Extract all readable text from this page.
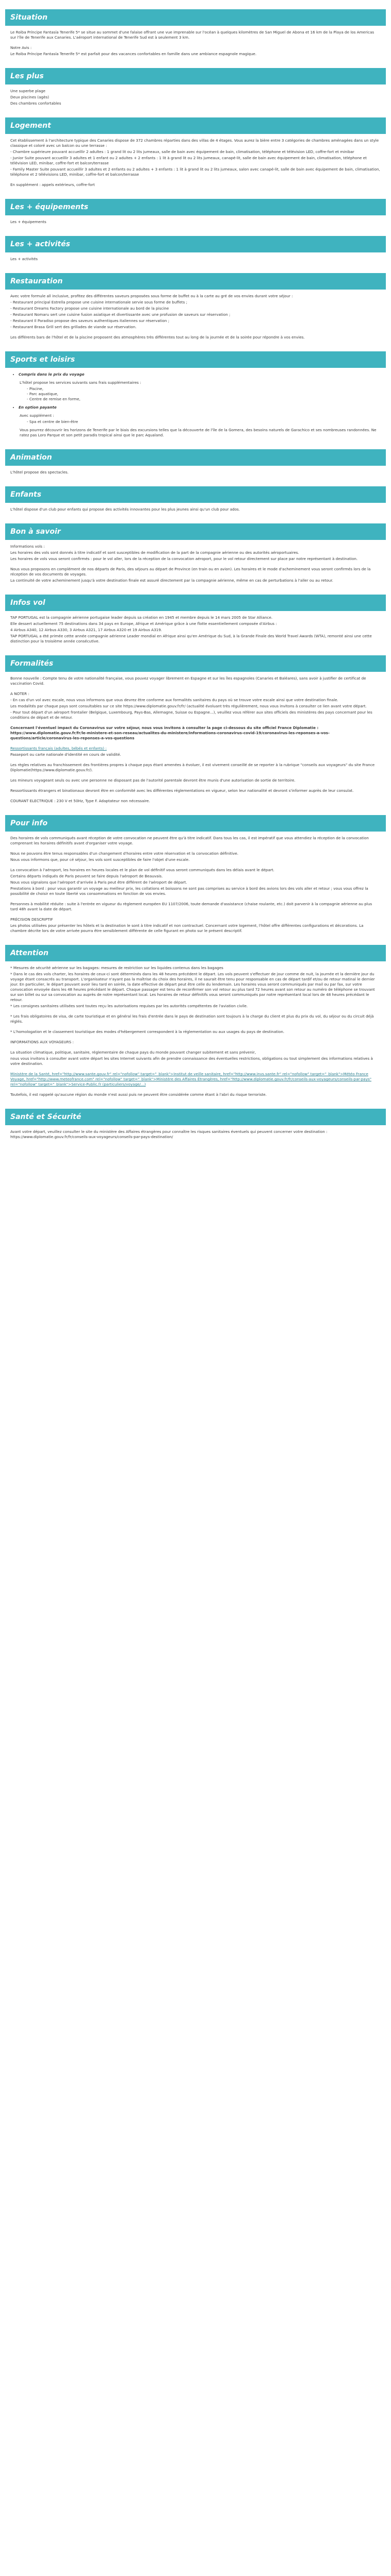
Situation

Le Roiba Príncipe Fantasía Tenerife 5* se situe au sommet d'une falaise offrant une vue imprenable sur l'océan à quelques kilomètres de San Miguel de Abona et 16 km de la Playa de los Americas sur l'île de Tenerife aux Canaries. L'aéroport international de Tenerife Sud est à seulement 3 km.

Notre Avis :

Le Roiba Príncipe Fantasía Tenerife 5* est parfait pour des vacances confortables en famille dans une ambiance espagnole magique.

Les plus

Une superbe plage

Deux piscines (agès)

Des chambres confortables

Logement

Cet établissement à l'architecture typique des Canaries dispose de 372 chambres réparties dans des villas de 4 étages. Vous aurez la bière entre 3 catégories de chambres aménagées dans un style classique et coloré avec un balcon ou une terrasse :

- Chambre supérieure pouvant accueillir 2 adultes : 1 grand lit ou 2 lits jumeaux, salle de bain avec équipement de bain, climatisation, téléphone et télévision LED, coffre-fort et minibar

- Junior Suite pouvant accueillir 3 adultes et 1 enfant ou 2 adultes + 2 enfants : 1 lit à grand lit ou 2 lits jumeaux, canapé-lit, salle de bain avec équipement de bain, climatisation, téléphone et télévision LED, minibar, coffre-fort et balcon/terrasse

- Family Master Suite pouvant accueillir 3 adultes et 2 enfants ou 2 adultes + 3 enfants : 1 lit à grand lit ou 2 lits jumeaux, salon avec canapé-lit, salle de bain avec équipement de bain, climatisation, téléphone et 2 télévisions LED, minibar, coffre-fort et balcon/terrasse

En supplément : appels extérieurs, coffre-fort

Les + équipements

Les + équipements

Les + activités

Les + activités

Restauration

Avec votre formule all inclusive, profitez des différentes saveurs proposées sous forme de buffet ou à la carte au gré de vos envies durant votre séjour :

- Restaurant principal Estrella propose une cuisine internationale servie sous forme de buffets ;

- Restaurant Dreams Factory propose une cuisine internationale au bord de la piscine

- Restaurant Nomaru sert une cuisine fusion asiatique et divertissante avec une profusion de saveurs sur réservation ;

- Restaurant Il Paradiso propose des saveurs authentiques italiennes sur réservation ;

- Restaurant Brasa Grill sert des grillades de viande sur réservation.

Les différents bars de l'hôtel et de la piscine proposent des atmosphères très différentes tout au long de la journée et de la soirée pour répondre à vos envies.

Sports et loisirs
• Compris dans le prix du voyage

L'hôtel propose les services suivants sans frais supplémentaires :

- Piscine,
- Parc aquatique,
- Centre de remise en forme,
• En option payante

Avec supplément :

- Spa et centre de bien-être

Vous pourrez découvrir les horizons de Tenerife par le biais des excursions telles que la découverte de l'île de la Gomera, des besoins naturels de Garachico et ses nombreuses randonnées. Ne ratez pas Loro Parque et son petit paradis tropical ainsi que le parc Aqualand.

Animation

L'hôtel propose des spectacles.

Enfants

L'hôtel dispose d'un club pour enfants qui propose des activités innovantes pour les plus jeunes ainsi qu'un club pour ados.

Bon à savoir

Informations vols :

Les horaires des vols sont donnés à titre indicatif et sont susceptibles de modification de la part de la compagnie aérienne ou des autorités aéroportuaires.

Les horaires de vols vous seront confirmés : pour le vol aller, lors de la réception de la convocation aéroport, pour le vol retour directement sur place par notre représentant à destination.

Nous vous proposons en complément de nos départs de Paris, des séjours au départ de Province (en train ou en avion). Les horaires et le mode d'acheminement vous seront confirmés lors de la réception de vos documents de voyages.

La continuité de votre acheminement jusqu'à votre destination finale est assuré directement par la compagnie aérienne, même en cas de perturbations à l'aller ou au retour.

Infos vol

TAP PORTUGAL est la compagnie aérienne portugaise leader depuis sa création en 1945 et membre depuis le 14 mars 2005 de Star Alliance.

Elle dessert actuellement 75 destinations dans 34 pays en Europe, Afrique et Amérique grâce à une flotte essentiellement composée d'Airbus :

4 Airbus A340, 12 Airbus A330, 3 Airbus A321, 17 Airbus A320 et 19 Airbus A319.

TAP PORTUGAL a été primée cette année compagnie aérienne Leader mondial en Afrique ainsi qu'en Amérique du Sud, à la Grande Finale des World Travel Awards (WTA), remonté ainsi une cette distinction pour la troisième année consécutive.

Formalités

Bonne nouvelle : Compte tenu de votre nationalité française, vous pouvez voyager librement en Espagne et sur les îles espagnoles (Canaries et Baléares), sans avoir à justifier de certificat de vaccination Covid.

A NOTER :

- En cas d'un vol avec escale, nous vous informons que vous devrez être conforme aux formalités sanitaires du pays où se trouve votre escale ainsi que votre destination finale.

Les modalités par chaque pays sont consultables sur ce site https://www.diplomatie.gouv.fr/fr/ (actualité évoluant très régulièrement, nous vous invitons à consulter ce lien avant votre départ.

- Pour tout départ d'un aéroport frontalier (Belgique, Luxembourg, Pays-Bas, Allemagne, Suisse ou Espagne...), veuillez vous référer aux sites officiels des ministères des pays concernant pour les conditions de départ et de retour.

Concernant l'éventuel impact du Coronavirus sur votre séjour, nous vous invitons à consulter la page ci-dessous du site officiel France Diplomatie : https://www.diplomatie.gouv.fr/fr/le-ministere-et-son-reseau/actualites-du-ministere/informations-coronavirus-covid-19/coronavirus-les-reponses-a-vos-questions/article/coronavirus-les-reponses-a-vos-questions

Ressortissants français (adultes, bébés et enfants) :

Passeport ou carte nationale d'identité en cours de validité.

Les règles relatives au franchissement des frontières propres à chaque pays étant amenées à évoluer, il est vivement conseillé de se reporter à la rubrique "conseils aux voyageurs" du site France Diplomatie(https://www.diplomatie.gouv.fr/).

Les mineurs voyageant seuls ou avec une personne ne disposant pas de l'autorité parentale devront être munis d'une autorisation de sortie de territoire.

Ressortissants étrangers et binationaux devront être en conformité avec les différentes réglementations en vigueur, selon leur nationalité et devront s'informer auprès de leur consulat.

COURANT ELECTRIQUE : 230 V et 50Hz, Type F. Adaptateur non nécessaire.

Pour info

Des horaires de vols communiqués avant réception de votre convocation ne peuvent être qu'à titre indicatif. Dans tous les cas, il est impératif que vous attendiez la réception de la convocation comprenant les horaires définitifs avant d'organiser votre voyage.

Nous ne pouvons être tenus responsables d'un changement d'horaires entre votre réservation et la convocation définitive.

Nous vous informons que, pour cé séjour, les vols sont susceptibles de faire l'objet d'une escale.

La convocation à l'aéroport, les horaires en heures locales et le plan de vol définitif vous seront communiqués dans les délais avant le départ.

Certains départs indiqués de Paris peuvent se faire depuis l'aéroport de Beauvais.

Nous vous signalons que l'aéroport d'arrivée à Paris peut être différent de l'aéroport de départ.

Prestations à bord : pour vous garantir un voyage au meilleur prix, les collations et boissons ne sont pas comprises au service à bord des avions lors des vols aller et retour ; vous vous offrez la possibilité de choisir en toute liberté vos consommations en fonction de vos envies.

Personnes à mobilité réduite : suite à l'entrée en vigueur du règlement européen EU 1107/2006, toute demande d'assistance (chaise roulante, etc.) doit parvenir à la compagnie aérienne au plus tard 48h avant la date de départ.

PRÉCISION DESCRIPTIF

Les photos utilisées pour présenter les hôtels et la destination le sont à titre indicatif et non contractuel. Concernant votre logement, l'hôtel offre différentes configurations et décorations. La chambre décrite lors de votre arrivée pourra être sensiblement différente de celle figurant en photo sur le présent descriptif.

Attention

* Mesures de sécurité aérienne sur les bagages: mesures de restriction sur les liquides contenus dans les bagages

* Dans le cas des vols charter, les horaires de ceux-ci sont déterminés dans les 48 heures précédent le départ. Les vols peuvent s'effectuer de jour comme de nuit, la journée et la dernière jour du voyage étant consacrés au transport. L'organisateur n'ayant pas la maîtrise du choix des horaires, il ne saurait être tenu pour responsable en cas de départ tardif et/ou de retour matinal le dernier jour. En particulier, le départ pouvant avoir lieu tard en soirée, la date effective de départ peut être celle du lendemain. Les horaires vous seront communiqués par mail ou par fax, sur votre convocation envoyée dans les 48 heures précédant le départ. Chaque passager est tenu de reconfirmer son vol retour au plus tard 72 heures avant son retour au numéro de téléphone se trouvant sur son billet ou sur sa convocation au auprès de notre représentant local. Les horaires de retour définitifs vous seront communiqués par notre représentant local lors de 48 heures précédant le retour.

* Les consignes sanitaires utilisées sont toutes reçu les autorisations requises par les autorités compétentes de l'aviation civile.

* Les frais obligatoires de visa, de carte touristique et en général les frais d'entrée dans le pays de destination sont toujours à la charge du client et plus du prix du vol, du séjour ou du circuit déjà réglés.

* L'homologation et le classement touristique des modes d'hébergement correspondent à la réglementation ou aux usages du pays de destination.

INFORMATIONS AUX VOYAGEURS :

La situation climatique, politique, sanitaire, réglementaire de chaque pays du monde pouvant changer subitement et sans prévenir,

nous vous invitons à consulter avant votre départ les sites Internet suivants afin de prendre connaissance des éventuelles restrictions, obligations ou tout simplement des informations relatives à votre destination.

Ministère de la Santé, href="http://www.sante.gouv.fr" rel="nofollow" target="_blank">Institut de veille sanitaire, href="http://www.invs.sante.fr" rel="nofollow" target="_blank">Météo France Voyage, href="http://www.meteofrance.com" rel="nofollow" target="_blank">Ministère des Affaires Étrangères, href="http://www.diplomatie.gouv.fr/fr/conseils-aux-voyageurs/conseils-par-pays" rel="nofollow" target="_blank">Service-Public.fr (particuliers/voyage/...)

Toutefois, il est rappelé qu'aucune région du monde n'est aussi puis ne peuvent être considérée comme étant à l'abri du risque terroriste.

Santé et Sécurité

Avant votre départ, veuillez consulter le site du ministère des Affaires étrangères pour connaître les risques sanitaires éventuels qui peuvent concerner votre destination : https://www.diplomatie.gouv.fr/fr/conseils-aux-voyageurs/conseils-par-pays-destination/
